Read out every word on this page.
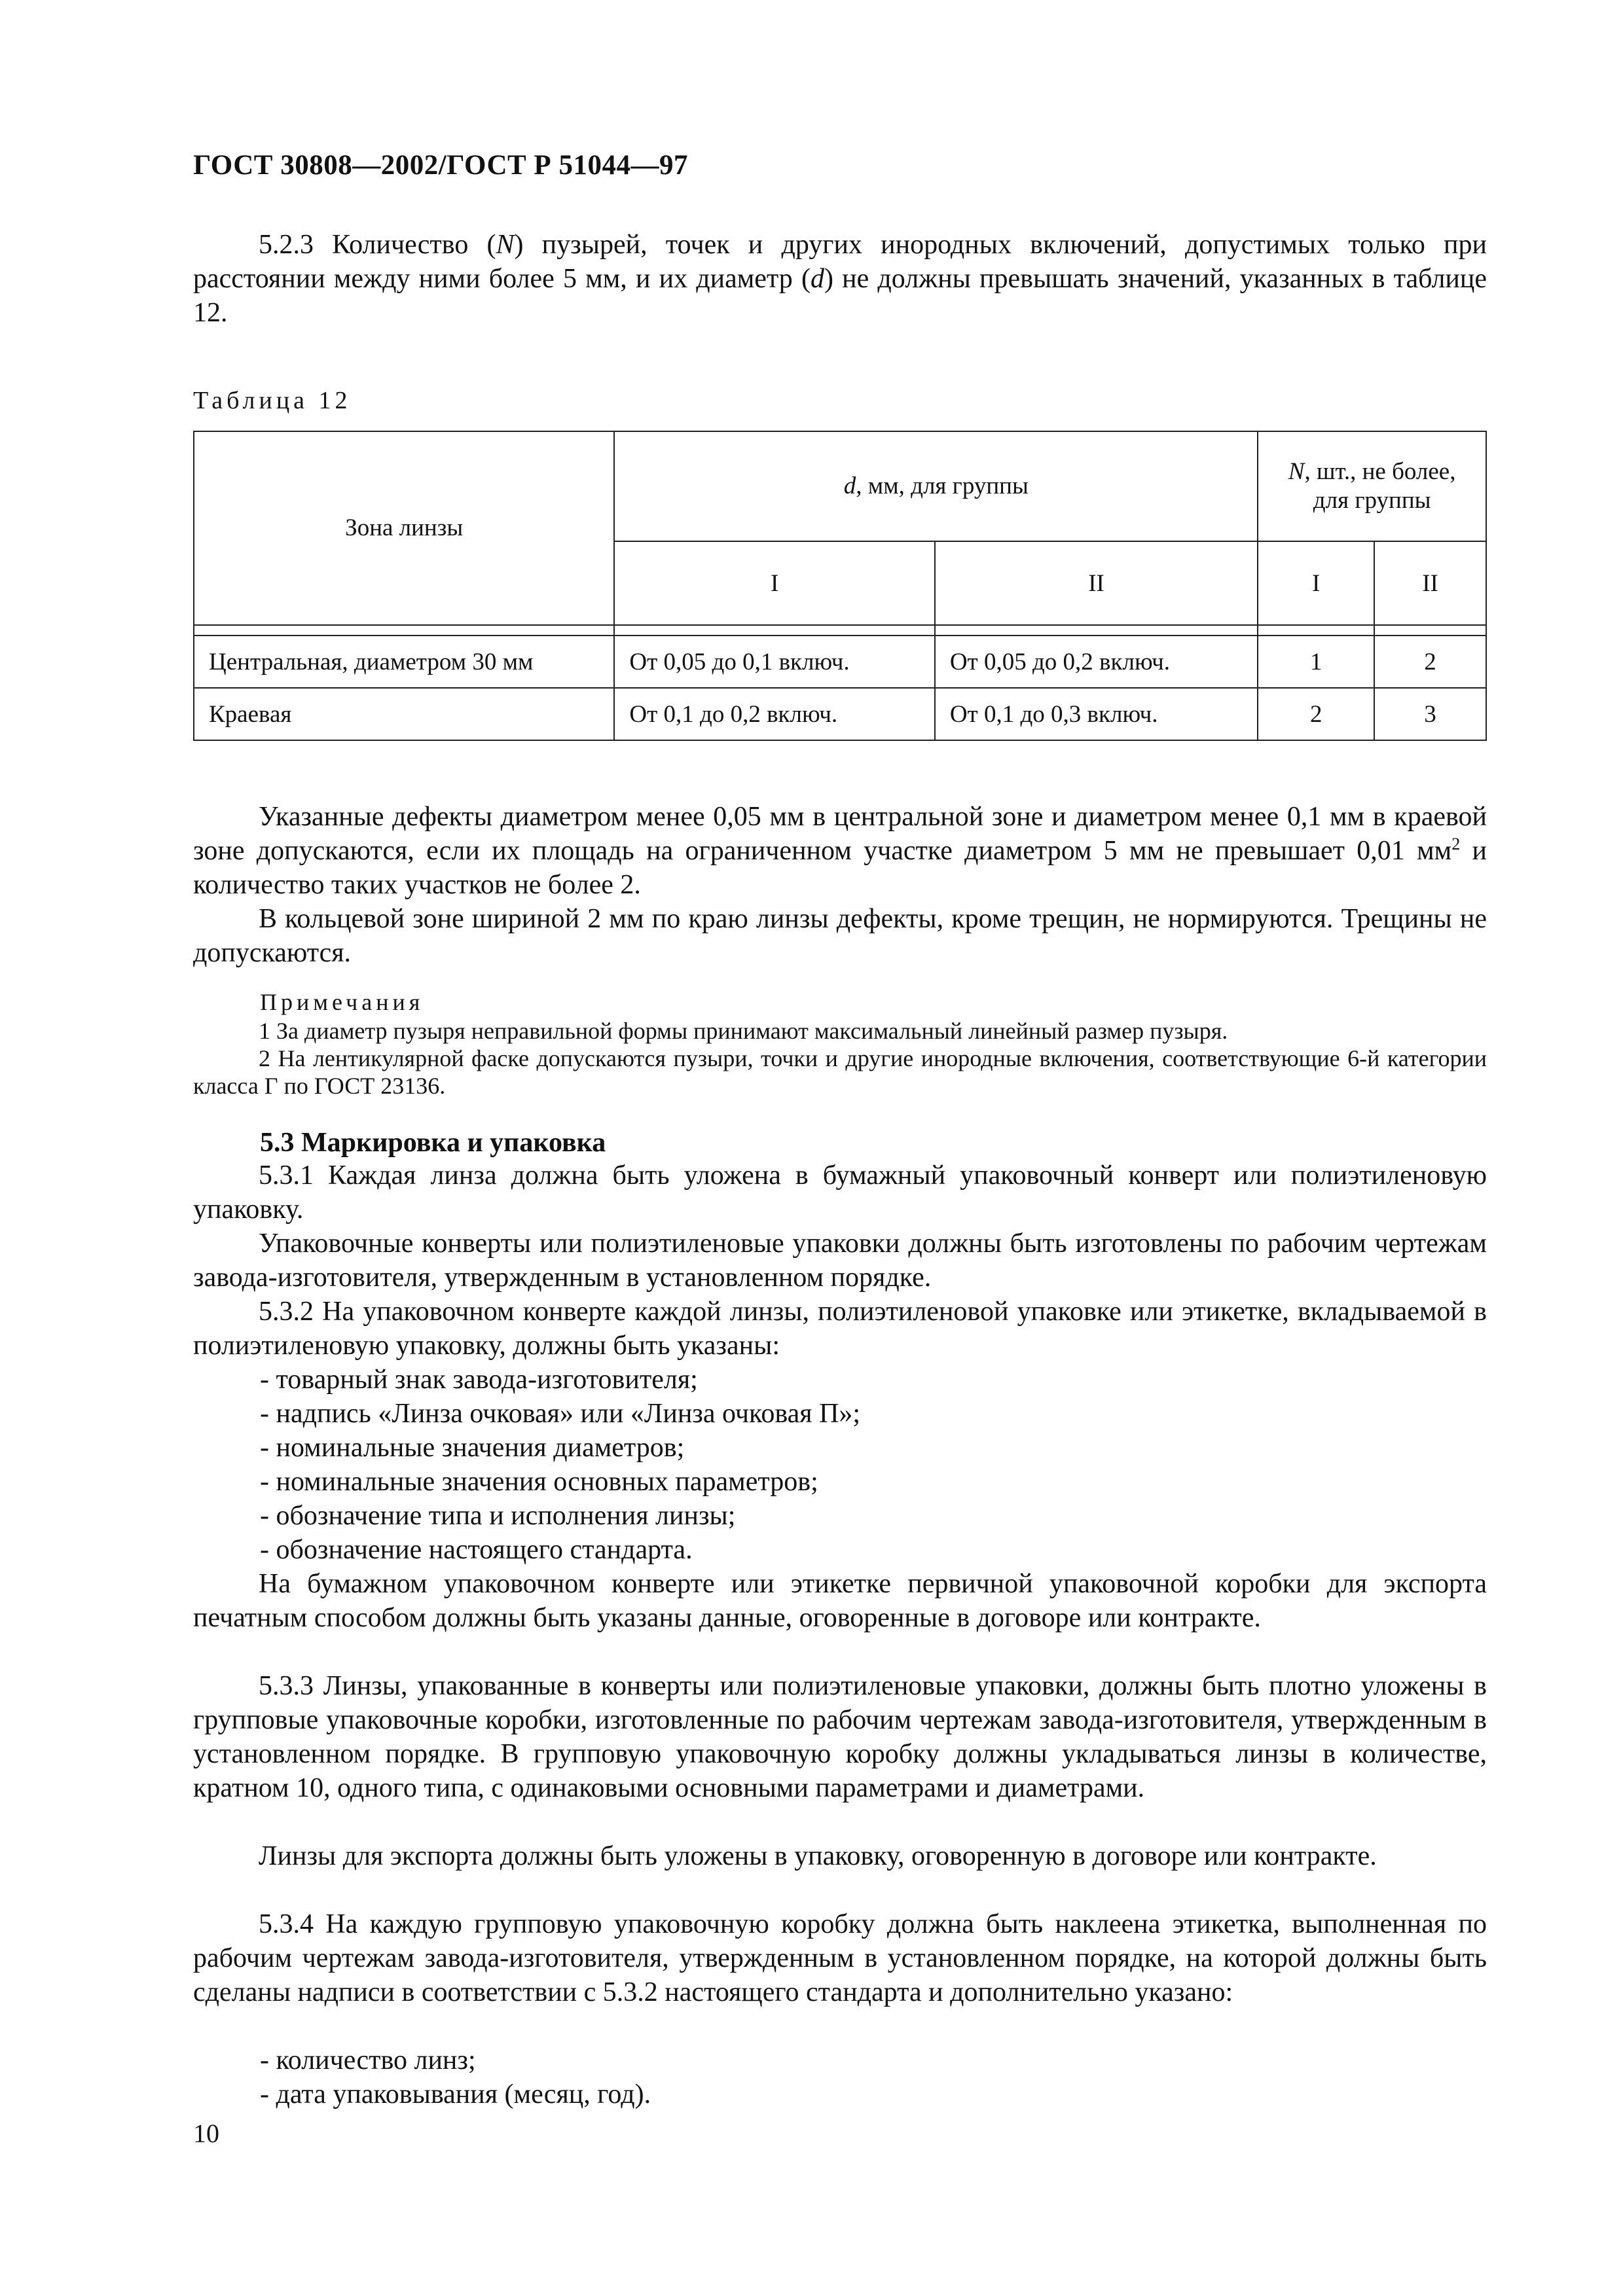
ГОСТ 30808—2002/ГОСТ Р 51044—97

5.2.3 Количество (N) пузырей, точек и других инородных включений, допустимых только при расстоянии между ними более 5 мм, и их диаметр (d) не должны превышать значений, указанных в таблице 12.

Таблица 12
Зона линзы	d, мм, для группы		N, шт., не более,
для группы	
	I	II	I	II

Центральная, диаметром 30 мм	От 0,05 до 0,1 включ.	От 0,05 до 0,2 включ.	1	2
Краевая	От 0,1 до 0,2 включ.	От 0,1 до 0,3 включ.	2	3

Указанные дефекты диаметром менее 0,05 мм в центральной зоне и диаметром менее 0,1 мм в краевой зоне допускаются, если их площадь на ограниченном участке диаметром 5 мм не превышает 0,01 $мм^2$ и количество таких участков не более 2.

В кольцевой зоне шириной 2 мм по краю линзы дефекты, кроме трещин, не нормируются. Трещины не допускаются.

Примечания

1 За диаметр пузыря неправильной формы принимают максимальный линейный размер пузыря.

2 На лентикулярной фаске допускаются пузыри, точки и другие инородные включения, соответствующие 6-й категории класса Г по ГОСТ 23136.

5.3 Маркировка и упаковка

5.3.1 Каждая линза должна быть уложена в бумажный упаковочный конверт или полиэтиленовую упаковку.

Упаковочные конверты или полиэтиленовые упаковки должны быть изготовлены по рабочим чертежам завода-изготовителя, утвержденным в установленном порядке.

5.3.2 На упаковочном конверте каждой линзы, полиэтиленовой упаковке или этикетке, вкладываемой в полиэтиленовую упаковку, должны быть указаны:

- товарный знак завода-изготовителя;
- надпись «Линза очковая» или «Линза очковая П»;
- номинальные значения диаметров;
- номинальные значения основных параметров;
- обозначение типа и исполнения линзы;
- обозначение настоящего стандарта.

На бумажном упаковочном конверте или этикетке первичной упаковочной коробки для экспорта печатным способом должны быть указаны данные, оговоренные в договоре или контракте.

5.3.3 Линзы, упакованные в конверты или полиэтиленовые упаковки, должны быть плотно уложены в групповые упаковочные коробки, изготовленные по рабочим чертежам завода-изготовителя, утвержденным в установленном порядке. В групповую упаковочную коробку должны укладываться линзы в количестве, кратном 10, одного типа, с одинаковыми основными параметрами и диаметрами.

Линзы для экспорта должны быть уложены в упаковку, оговоренную в договоре или контракте.

5.3.4 На каждую групповую упаковочную коробку должна быть наклеена этикетка, выполненная по рабочим чертежам завода-изготовителя, утвержденным в установленном порядке, на которой должны быть сделаны надписи в соответствии с 5.3.2 настоящего стандарта и дополнительно указано:

- количество линз;
- дата упаковывания (месяц, год).
10
